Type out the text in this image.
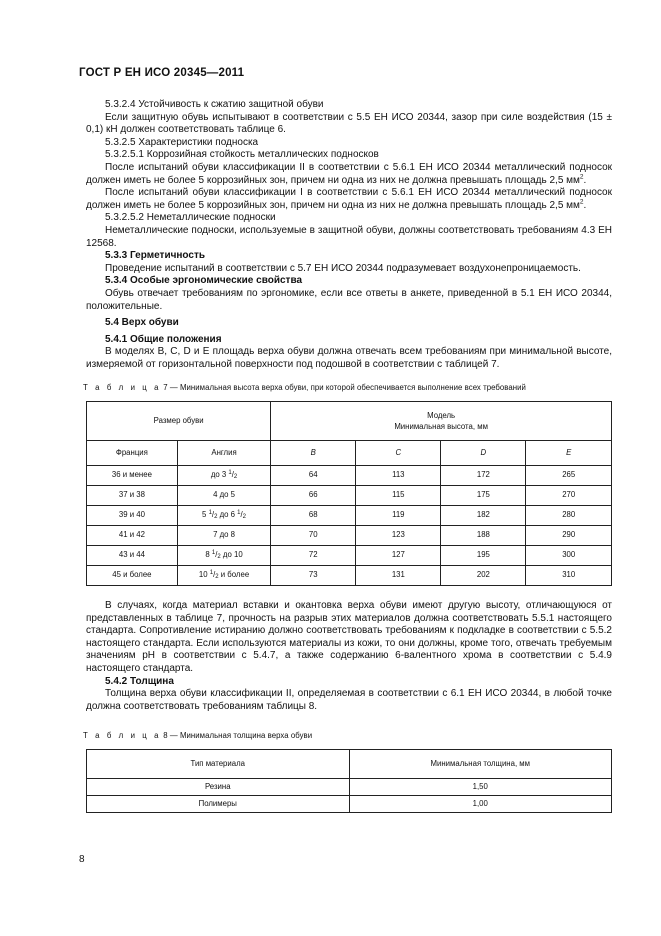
ГОСТ Р ЕН ИСО 20345—2011

5.3.2.4 Устойчивость к сжатию защитной обуви

Если защитную обувь испытывают в соответствии с 5.5 ЕН ИСО 20344, зазор при силе воздействия (15 ± 0,1) кН должен соответствовать таблице 6.

5.3.2.5 Характеристики подноска

5.3.2.5.1 Коррозийная стойкость металлических подносков

После испытаний обуви классификации II в соответствии с 5.6.1 ЕН ИСО 20344 металлический подносок должен иметь не более 5 коррозийных зон, причем ни одна из них не должна превышать площадь 2,5 $мм^2$.

После испытаний обуви классификации I в соответствии с 5.6.1 ЕН ИСО 20344 металлический подносок должен иметь не более 5 коррозийных зон, причем ни одна из них не должна превышать площадь 2,5 $мм^2$.

5.3.2.5.2 Неметаллические подноски

Неметаллические подноски, используемые в защитной обуви, должны соответствовать требованиям 4.3 ЕН 12568.

5.3.3 Герметичность

Проведение испытаний в соответствии с 5.7 ЕН ИСО 20344 подразумевает воздухонепроницаемость.

5.3.4 Особые эргономические свойства

Обувь отвечает требованиям по эргономике, если все ответы в анкете, приведенной в 5.1 ЕН ИСО 20344, положительные.

5.4 Верх обуви

5.4.1 Общие положения

В моделях B, C, D и E площадь верха обуви должна отвечать всем требованиям при минимальной высоте, измеряемой от горизонтальной поверхности под подошвой в соответствии с таблицей 7.

Т а б л и ц а 7 — Минимальная высота верха обуви, при которой обеспечивается выполнение всех требований
Размер обуви		Модель
Минимальная высота, мм			
Франция	Англия	B	C	D	E
36 и менее	до 3 $^1$/2	64	113	172	265
37 и 38	4 до 5	66	115	175	270
39 и 40	5 $^1$/2 до 6 $^1$/2	68	119	182	280
41 и 42	7 до 8	70	123	188	290
43 и 44	8 $^1$/2 до 10	72	127	195	300
45 и более	10 $^1$/2 и более	73	131	202	310

В случаях, когда материал вставки и окантовка верха обуви имеют другую высоту, отличающуюся от представленных в таблице 7, прочность на разрыв этих материалов должна соответствовать 5.5.1 настоящего стандарта. Сопротивление истиранию должно соответствовать требованиям к подкладке в соответствии с 5.5.2 настоящего стандарта. Если используются материалы из кожи, то они должны, кроме того, отвечать требуемым значениям pH в соответствии с 5.4.7, а также содержанию 6-валентного хрома в соответствии с 5.4.9 настоящего стандарта.

5.4.2 Толщина

Толщина верха обуви классификации II, определяемая в соответствии с 6.1 ЕН ИСО 20344, в любой точке должна соответствовать требованиям таблицы 8.

Т а б л и ц а 8 — Минимальная толщина верха обуви
Тип материала	Минимальная толщина, мм
Резина	1,50
Полимеры	1,00
8
